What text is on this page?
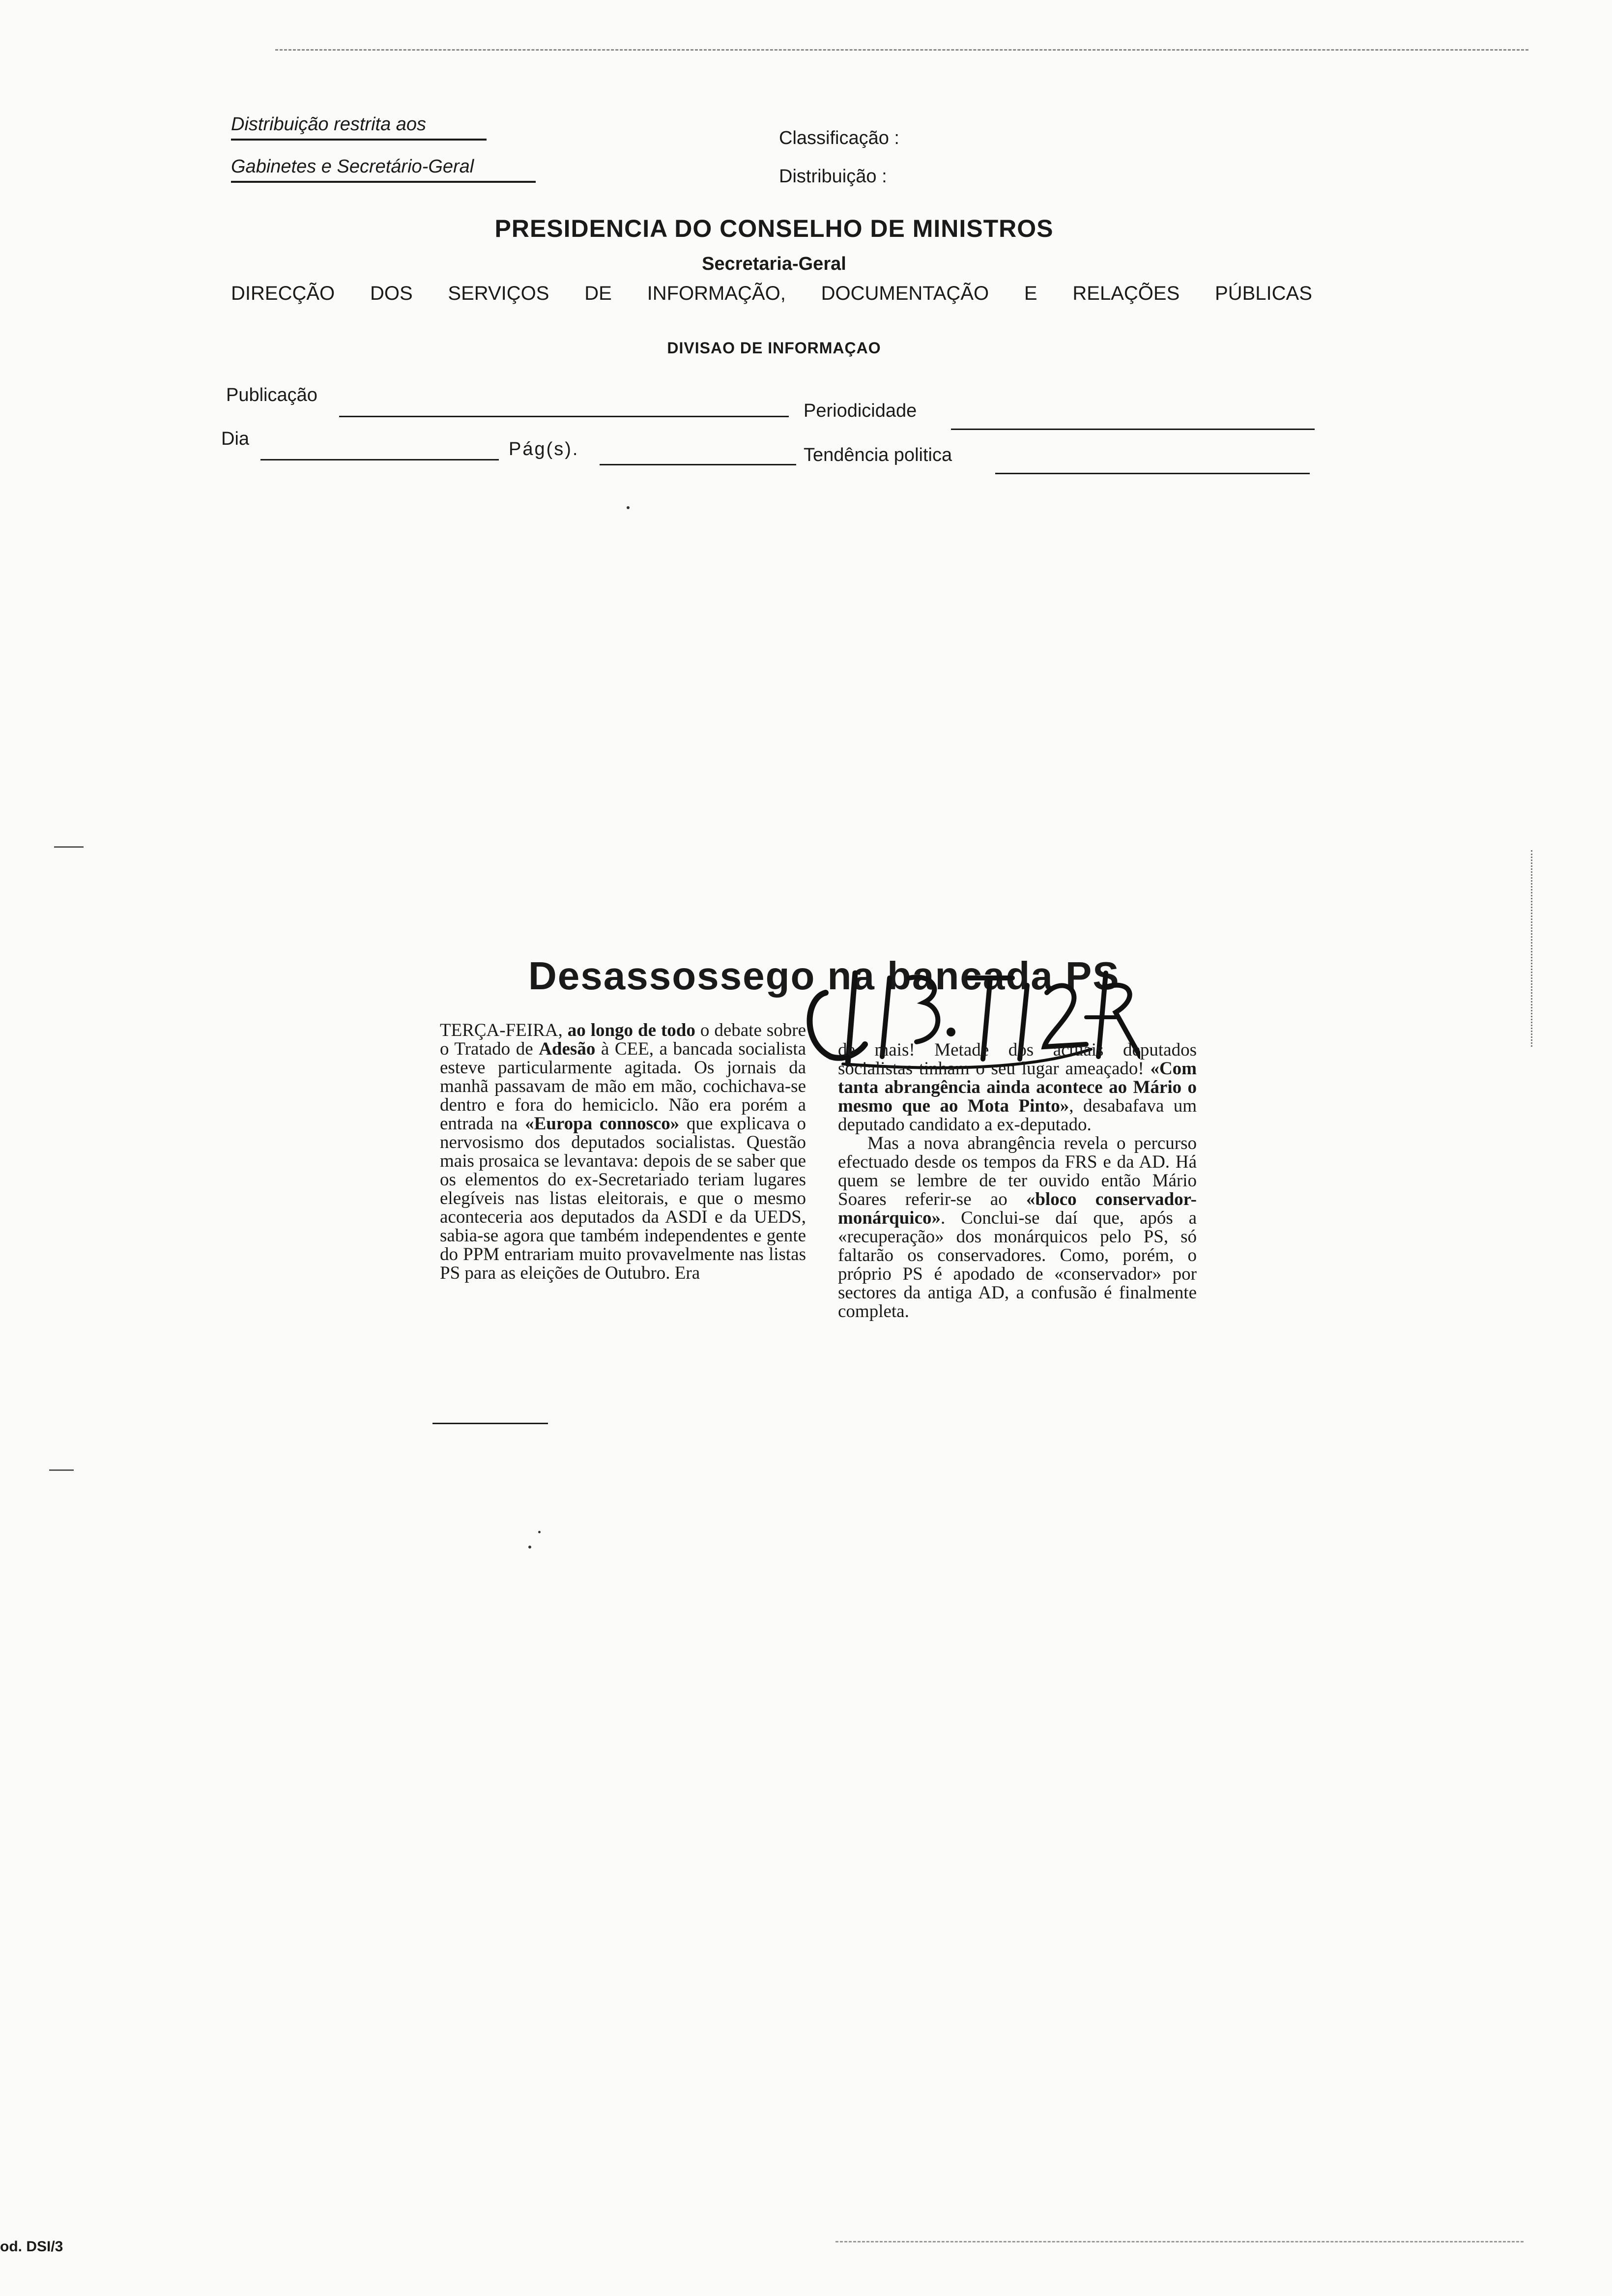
Distribuição restrita aos
Gabinetes e Secretário-Geral
Classificação :
Distribuição :
PRESIDENCIA DO CONSELHO DE MINISTROS
Secretaria-Geral
DIRECÇÃO DOS SERVIÇOS DE INFORMAÇÃO, DOCUMENTAÇÃO E RELAÇÕES PÚBLICAS
DIVISAO DE INFORMAÇAO
Publicação
Periodicidade
Dia	Pág(s).	Tendência politica
Desassossego na bancada PS

TERÇA-FEIRA, ao longo de todo o debate sobre o Tratado de Adesão à CEE, a bancada socialista esteve particularmente agitada. Os jornais da manhã passavam de mão em mão, cochichava-se dentro e fora do hemiciclo. Não era porém a entrada na «Europa connosco» que explicava o nervosismo dos deputados socialistas. Questão mais prosaica se levantava: depois de se saber que os elementos do ex-Secretariado teriam lugares elegíveis nas listas eleitorais, e que o mesmo aconteceria aos deputados da ASDI e da UEDS, sabia-se agora que também independentes e gente do PPM entrariam muito provavelmente nas listas PS para as eleições de Outubro. Era

de mais! Metade dos actuais deputados socialistas tinham o seu lugar ameaçado! «Com tanta abrangência ainda acontece ao Mário o mesmo que ao Mota Pinto», desabafava um deputado candidato a ex-deputado.

Mas a nova abrangência revela o percurso efectuado desde os tempos da FRS e da AD. Há quem se lembre de ter ouvido então Mário Soares referir-se ao «bloco conservador-monárquico». Conclui-se daí que, após a «recuperação» dos monárquicos pelo PS, só faltarão os conservadores. Como, porém, o próprio PS é apodado de «conservador» por sectores da antiga AD, a confusão é finalmente completa.

od. DSI/3
